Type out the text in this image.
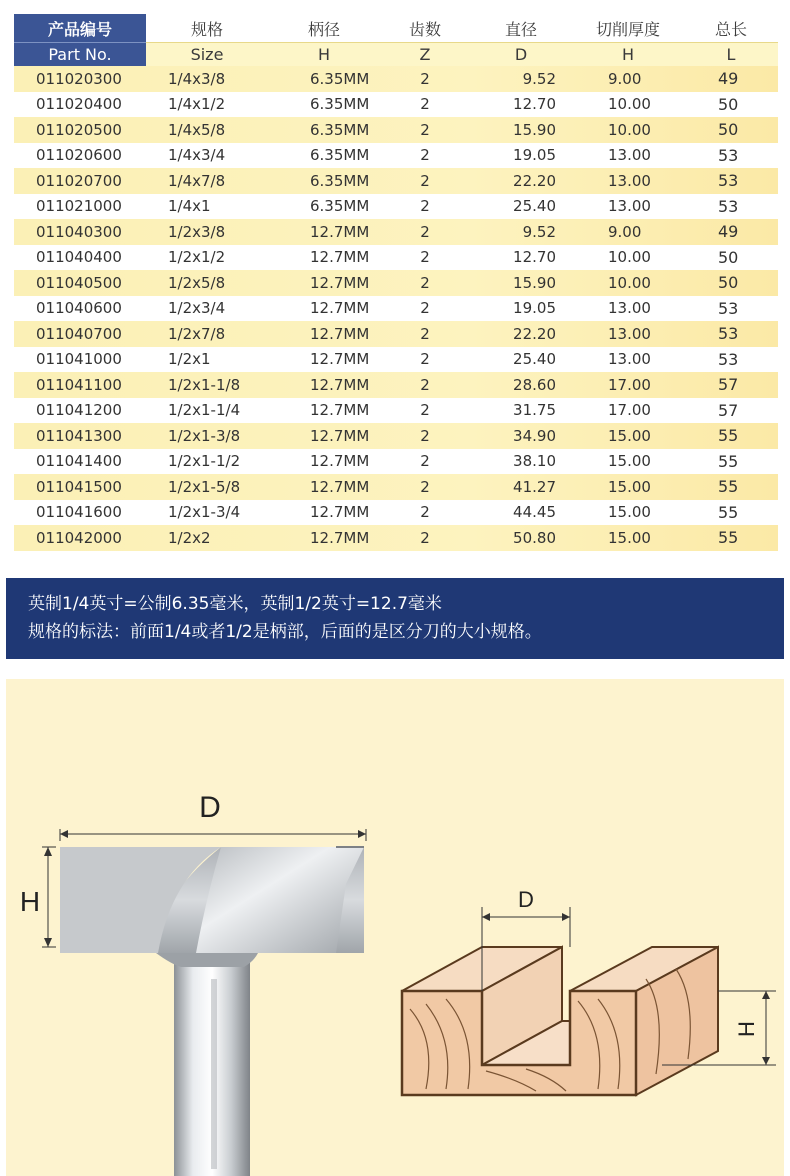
产品编号	规格	柄径	齿数	直径	切削厚度	总长
Part No.	Size	H	Z	D	H	L
011020300	1/4x3/8	6.35MM	2	9.52	9.00	49
011020400	1/4x1/2	6.35MM	2	12.70	10.00	50
011020500	1/4x5/8	6.35MM	2	15.90	10.00	50
011020600	1/4x3/4	6.35MM	2	19.05	13.00	53
011020700	1/4x7/8	6.35MM	2	22.20	13.00	53
011021000	1/4x1	6.35MM	2	25.40	13.00	53
011040300	1/2x3/8	12.7MM	2	9.52	9.00	49
011040400	1/2x1/2	12.7MM	2	12.70	10.00	50
011040500	1/2x5/8	12.7MM	2	15.90	10.00	50
011040600	1/2x3/4	12.7MM	2	19.05	13.00	53
011040700	1/2x7/8	12.7MM	2	22.20	13.00	53
011041000	1/2x1	12.7MM	2	25.40	13.00	53
011041100	1/2x1-1/8	12.7MM	2	28.60	17.00	57
011041200	1/2x1-1/4	12.7MM	2	31.75	17.00	57
011041300	1/2x1-3/8	12.7MM	2	34.90	15.00	55
011041400	1/2x1-1/2	12.7MM	2	38.10	15.00	55
011041500	1/2x1-5/8	12.7MM	2	41.27	15.00	55
011041600	1/2x1-3/4	12.7MM	2	44.45	15.00	55
011042000	1/2x2	12.7MM	2	50.80	15.00	55
英制1/4英寸=公制6.35毫米，英制1/2英寸=12.7毫米
规格的标法：前面1/4或者1/2是柄部，后面的是区分刀的大小规格。
D
H	D
H
